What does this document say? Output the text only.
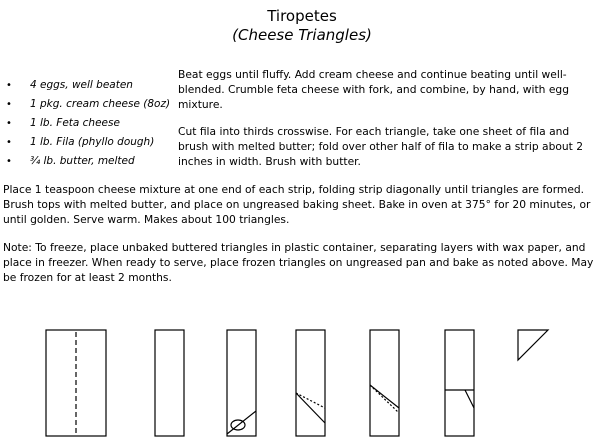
Tiropetes
(Cheese Triangles)
• 4 eggs, well beaten
• 1 pkg. cream cheese (8oz)
• 1 lb. Feta cheese
• 1 lb. Fila (phyllo dough)
• ¾ lb. butter, melted

Beat eggs until fluffy. Add cream cheese and continue beating until well-blended. Crumble feta cheese with fork, and combine, by hand, with egg mixture.

Cut fila into thirds crosswise. For each triangle, take one sheet of fila and brush with melted butter; fold over other half of fila to make a strip about 2 inches in width. Brush with butter.

Place 1 teaspoon cheese mixture at one end of each strip, folding strip diagonally until triangles are formed. Brush tops with melted butter, and place on ungreased baking sheet. Bake in oven at 375° for 20 minutes, or until golden. Serve warm. Makes about 100 triangles.

Note: To freeze, place unbaked buttered triangles in plastic container, separating layers with wax paper, and place in freezer. When ready to serve, place frozen triangles on ungreased pan and bake as noted above. May be frozen for at least 2 months.
